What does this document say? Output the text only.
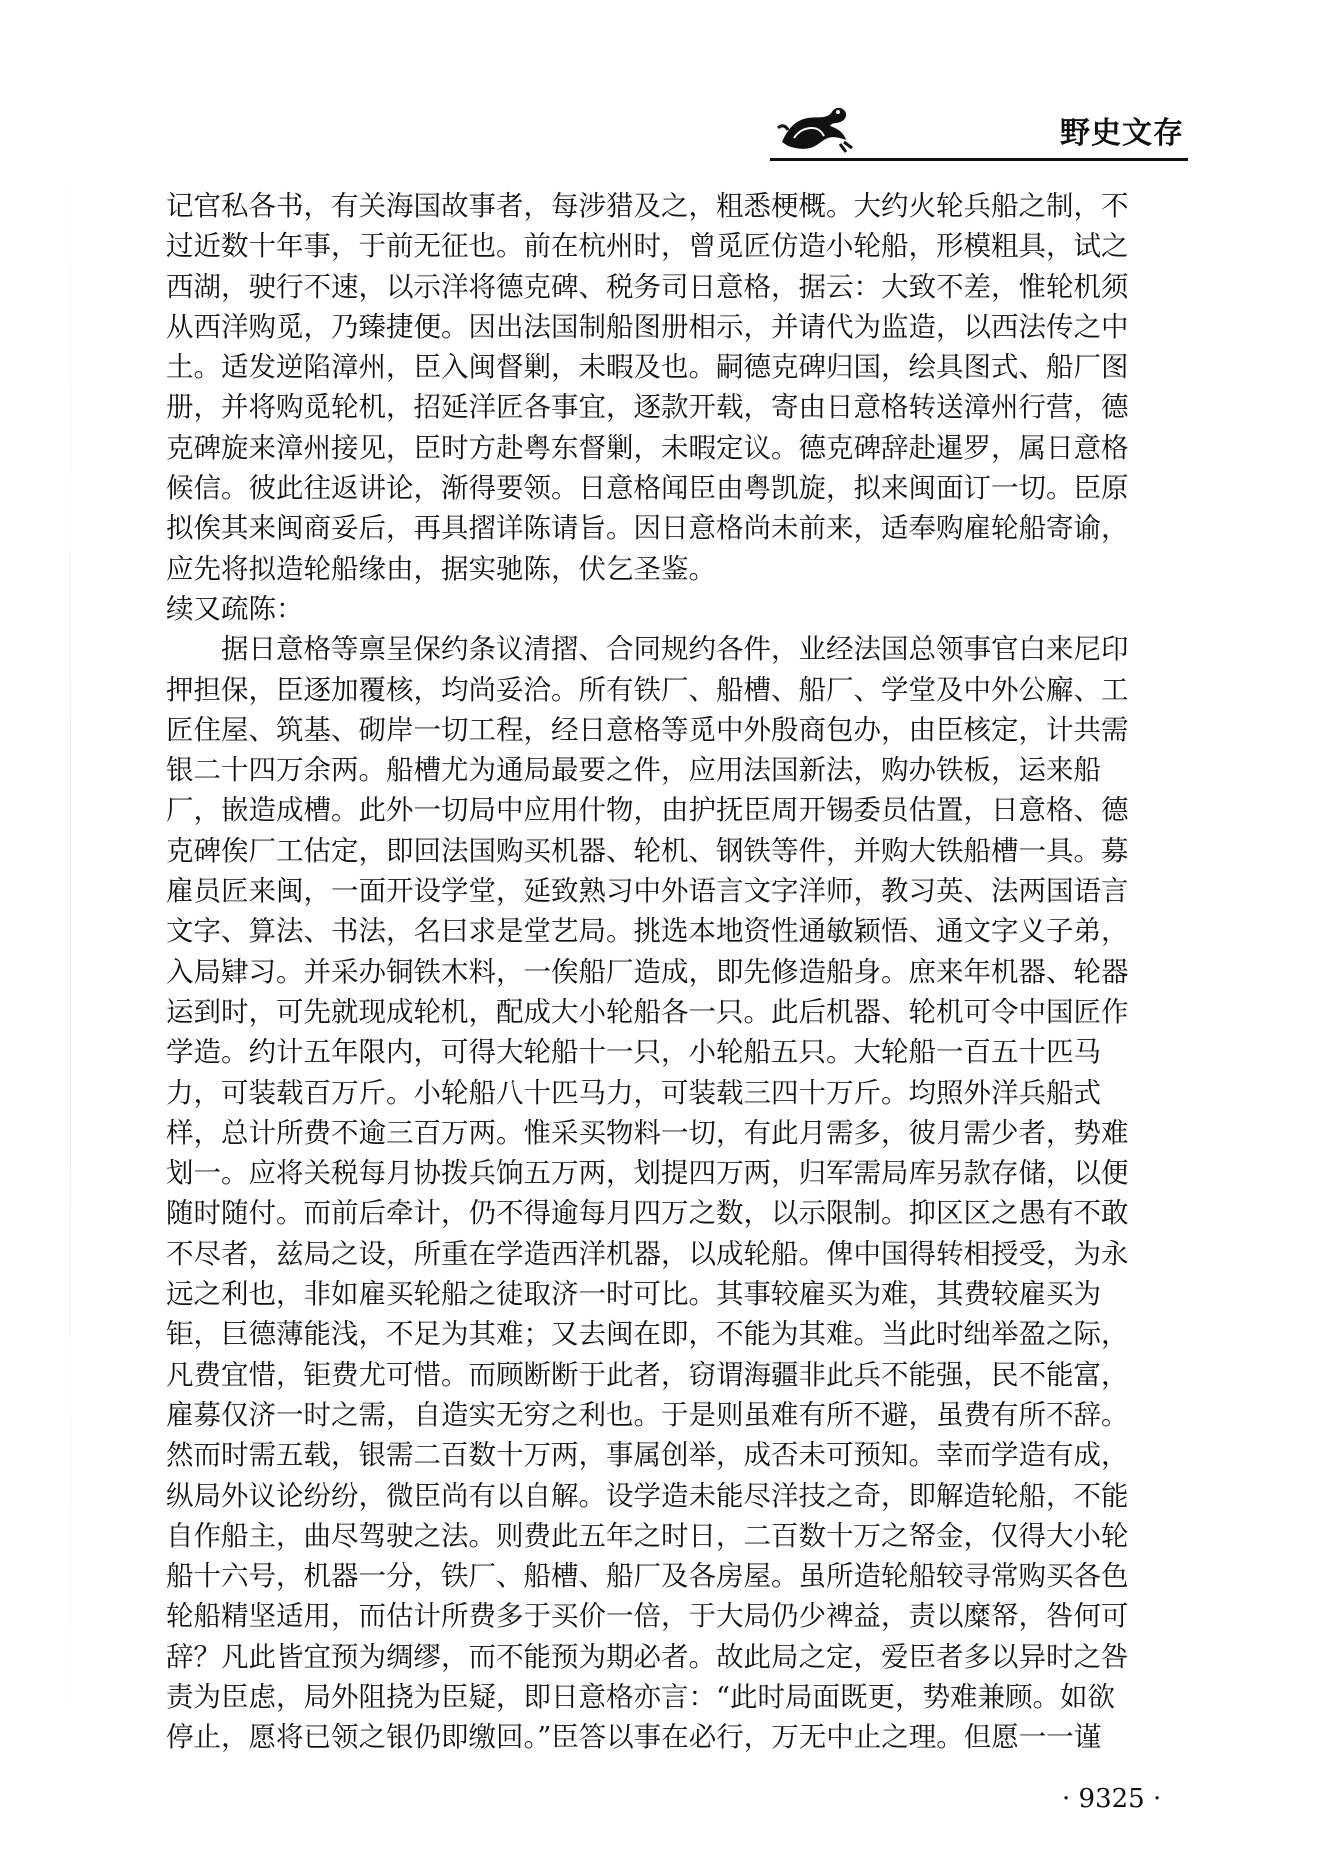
野史文存
记官私各书，有关海国故事者，每涉猎及之，粗悉梗概。大约火轮兵船之制，不
过近数十年事，于前无征也。前在杭州时，曾觅匠仿造小轮船，形模粗具，试之
西湖，驶行不速，以示洋将德克碑、税务司日意格，据云：大致不差，惟轮机须
从西洋购觅，乃臻捷便。因出法国制船图册相示，并请代为监造，以西法传之中
土。适发逆陷漳州，臣入闽督剿，未暇及也。嗣德克碑归国，绘具图式、船厂图
册，并将购觅轮机，招延洋匠各事宜，逐款开载，寄由日意格转送漳州行营，德
克碑旋来漳州接见，臣时方赴粤东督剿，未暇定议。德克碑辞赴暹罗，属日意格
候信。彼此往返讲论，渐得要领。日意格闻臣由粤凯旋，拟来闽面订一切。臣原
拟俟其来闽商妥后，再具摺详陈请旨。因日意格尚未前来，适奉购雇轮船寄谕，
应先将拟造轮船缘由，据实驰陈，伏乞圣鉴。
续又疏陈：
据日意格等禀呈保约条议清摺、合同规约各件，业经法国总领事官白来尼印
押担保，臣逐加覆核，均尚妥洽。所有铁厂、船槽、船厂、学堂及中外公廨、工
匠住屋、筑基、砌岸一切工程，经日意格等觅中外殷商包办，由臣核定，计共需
银二十四万余两。船槽尤为通局最要之件，应用法国新法，购办铁板，运来船
厂，嵌造成槽。此外一切局中应用什物，由护抚臣周开锡委员估置，日意格、德
克碑俟厂工估定，即回法国购买机器、轮机、钢铁等件，并购大铁船槽一具。募
雇员匠来闽，一面开设学堂，延致熟习中外语言文字洋师，教习英、法两国语言
文字、算法、书法，名曰求是堂艺局。挑选本地资性通敏颖悟、通文字义子弟，
入局肄习。并采办铜铁木料，一俟船厂造成，即先修造船身。庶来年机器、轮器
运到时，可先就现成轮机，配成大小轮船各一只。此后机器、轮机可令中国匠作
学造。约计五年限内，可得大轮船十一只，小轮船五只。大轮船一百五十匹马
力，可装载百万斤。小轮船八十匹马力，可装载三四十万斤。均照外洋兵船式
样，总计所费不逾三百万两。惟采买物料一切，有此月需多，彼月需少者，势难
划一。应将关税每月协拨兵饷五万两，划提四万两，归军需局库另款存储，以便
随时随付。而前后牵计，仍不得逾每月四万之数，以示限制。抑区区之愚有不敢
不尽者，兹局之设，所重在学造西洋机器，以成轮船。俾中国得转相授受，为永
远之利也，非如雇买轮船之徒取济一时可比。其事较雇买为难，其费较雇买为
钜，巨德薄能浅，不足为其难；又去闽在即，不能为其难。当此时绌举盈之际，
凡费宜惜，钜费尤可惜。而顾断断于此者，窃谓海疆非此兵不能强，民不能富，
雇募仅济一时之需，自造实无穷之利也。于是则虽难有所不避，虽费有所不辞。
然而时需五载，银需二百数十万两，事属创举，成否未可预知。幸而学造有成，
纵局外议论纷纷，微臣尚有以自解。设学造未能尽洋技之奇，即解造轮船，不能
自作船主，曲尽驾驶之法。则费此五年之时日，二百数十万之帑金，仅得大小轮
船十六号，机器一分，铁厂、船槽、船厂及各房屋。虽所造轮船较寻常购买各色
轮船精坚适用，而估计所费多于买价一倍，于大局仍少裨益，责以糜帑，咎何可
辞？凡此皆宜预为绸缪，而不能预为期必者。故此局之定，爱臣者多以异时之咎
责为臣虑，局外阻挠为臣疑，即日意格亦言：“此时局面既更，势难兼顾。如欲
停止，愿将已领之银仍即缴回。”臣答以事在必行，万无中止之理。但愿一一谨
· 9325 ·
